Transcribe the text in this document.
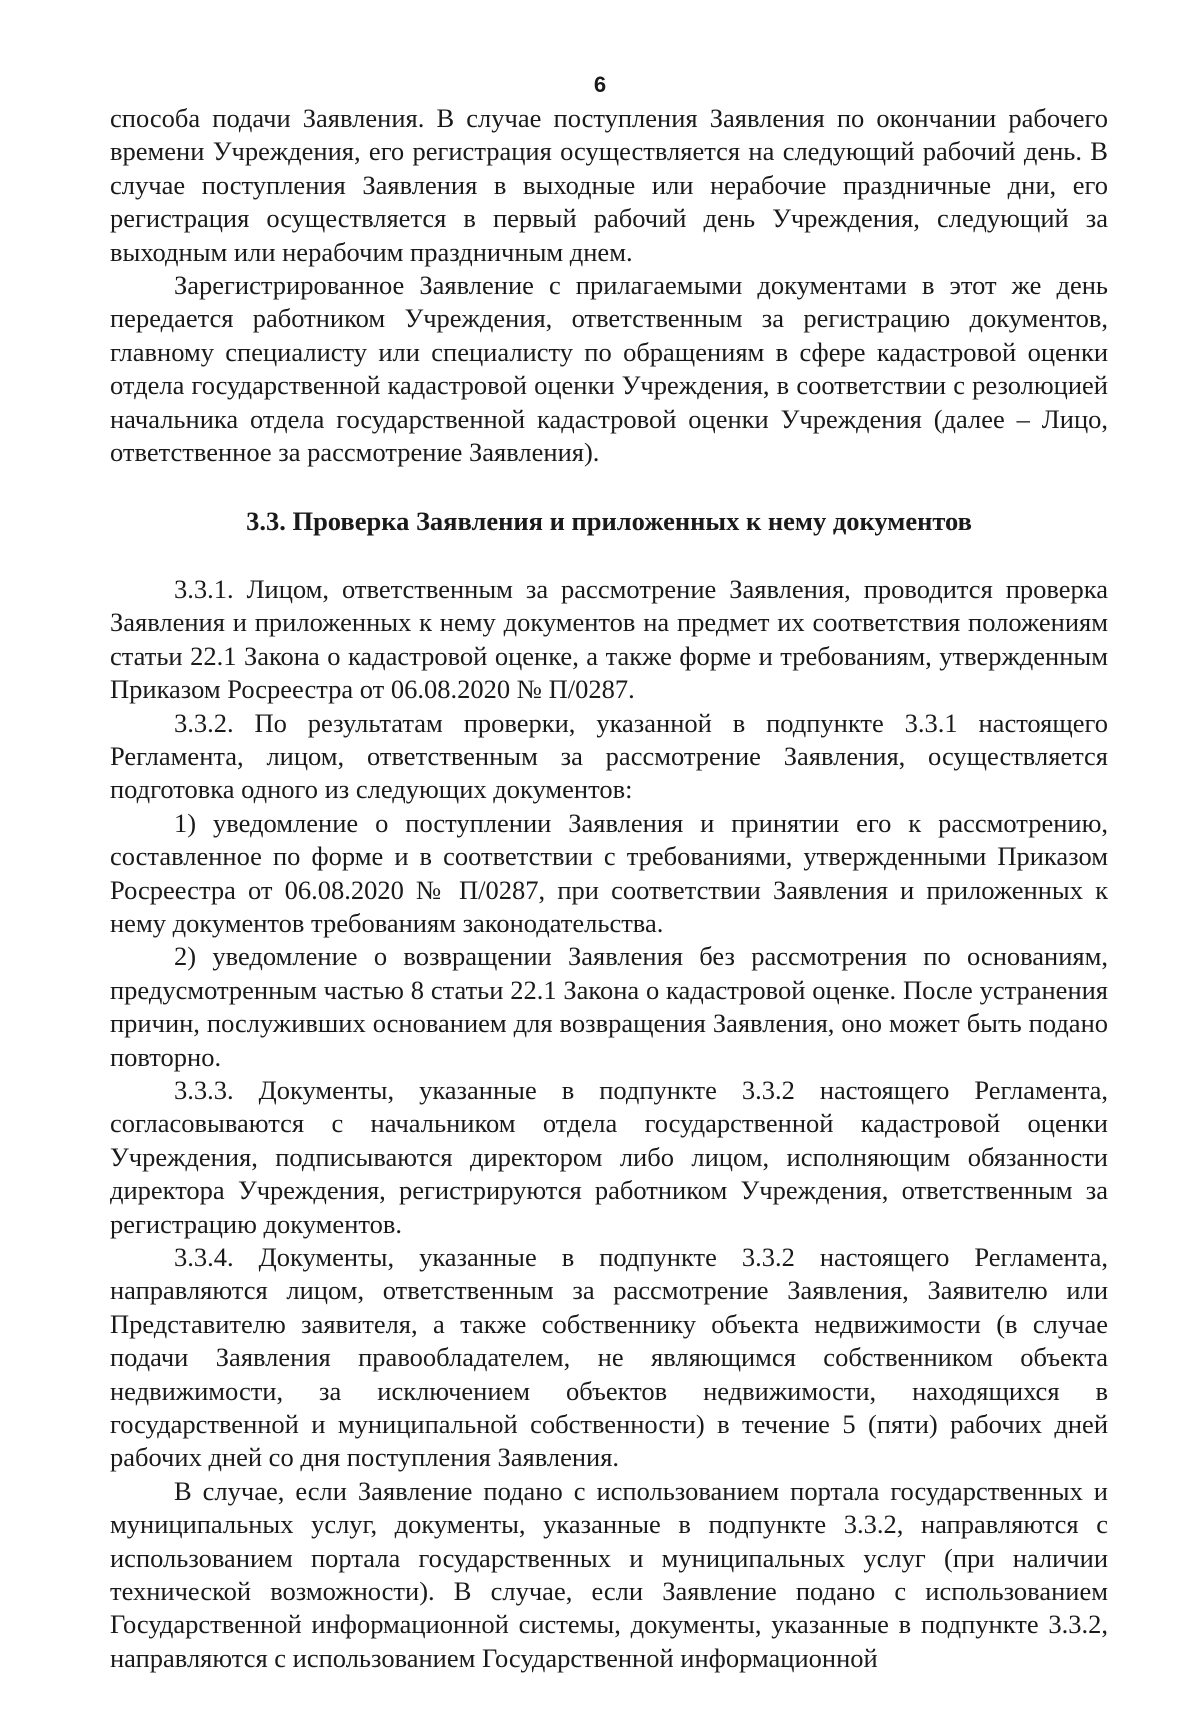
6

способа подачи Заявления. В случае поступления Заявления по окончании рабочего времени Учреждения, его регистрация осуществляется на следующий рабочий день. В случае поступления Заявления в выходные или нерабочие праздничные дни, его регистрация осуществляется в первый рабочий день Учреждения, следующий за выходным или нерабочим праздничным днем.

Зарегистрированное Заявление с прилагаемыми документами в этот же день передается работником Учреждения, ответственным за регистрацию документов, главному специалисту или специалисту по обращениям в сфере кадастровой оценки отдела государственной кадастровой оценки Учреждения, в соответствии с резолюцией начальника отдела государственной кадастровой оценки Учреждения (далее – Лицо, ответственное за рассмотрение Заявления).

3.3. Проверка Заявления и приложенных к нему документов

3.3.1. Лицом, ответственным за рассмотрение Заявления, проводится проверка Заявления и приложенных к нему документов на предмет их соответствия положениям статьи 22.1 Закона о кадастровой оценке, а также форме и требованиям, утвержденным Приказом Росреестра от 06.08.2020 № П/0287.

3.3.2. По результатам проверки, указанной в подпункте 3.3.1 настоящего Регламента, лицом, ответственным за рассмотрение Заявления, осуществляется подготовка одного из следующих документов:

1) уведомление о поступлении Заявления и принятии его к рассмотрению, составленное по форме и в соответствии с требованиями, утвержденными Приказом Росреестра от 06.08.2020 № П/0287, при соответствии Заявления и приложенных к нему документов требованиям законодательства.

2) уведомление о возвращении Заявления без рассмотрения по основаниям, предусмотренным частью 8 статьи 22.1 Закона о кадастровой оценке. После устранения причин, послуживших основанием для возвращения Заявления, оно может быть подано повторно.

3.3.3. Документы, указанные в подпункте 3.3.2 настоящего Регламента, согласовываются с начальником отдела государственной кадастровой оценки Учреждения, подписываются директором либо лицом, исполняющим обязанности директора Учреждения, регистрируются работником Учреждения, ответственным за регистрацию документов.

3.3.4. Документы, указанные в подпункте 3.3.2 настоящего Регламента, направляются лицом, ответственным за рассмотрение Заявления, Заявителю или Представителю заявителя, а также собственнику объекта недвижимости (в случае подачи Заявления правообладателем, не являющимся собственником объекта недвижимости, за исключением объектов недвижимости, находящихся в государственной и муниципальной собственности) в течение 5 (пяти) рабочих дней рабочих дней со дня поступления Заявления.

В случае, если Заявление подано с использованием портала государственных и муниципальных услуг, документы, указанные в подпункте 3.3.2, направляются с использованием портала государственных и муниципальных услуг (при наличии технической возможности). В случае, если Заявление подано с использованием Государственной информационной системы, документы, указанные в подпункте 3.3.2, направляются с использованием Государственной информационной
